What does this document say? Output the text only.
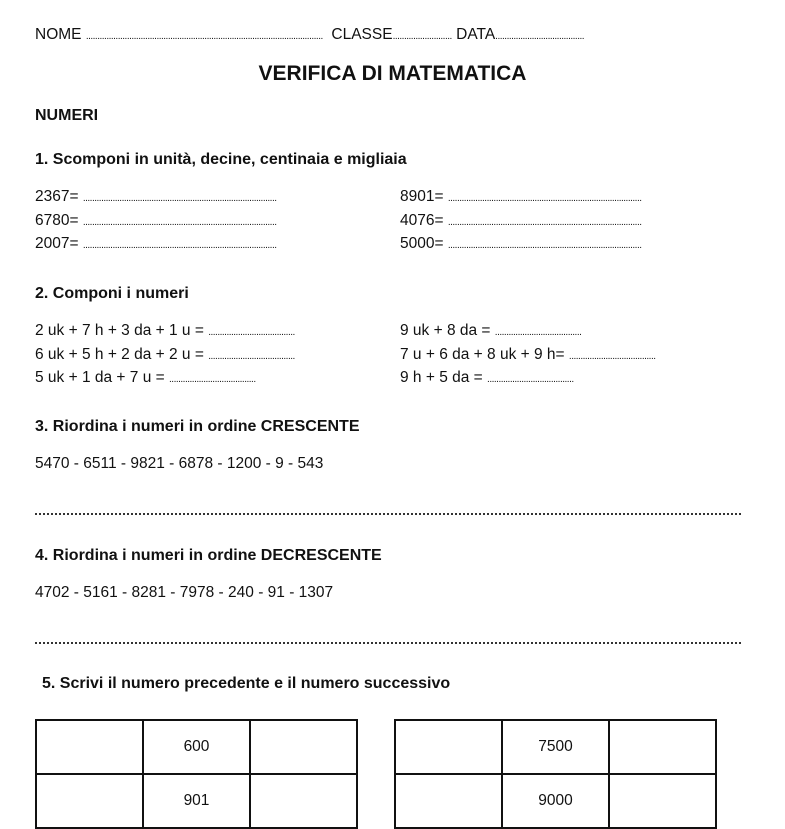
NOME ........................................................................................................ CLASSE.......................... DATA.......................................
VERIFICA DI MATEMATICA
NUMERI
1. Scomponi in unità, decine, centinaia e migliaia
2367= .....................................................................................
6780= .....................................................................................
2007= .....................................................................................
8901= .....................................................................................
4076= .....................................................................................
5000= .....................................................................................
2. Componi i numeri
2 uk + 7 h + 3 da + 1 u = ......................................
6 uk + 5 h + 2 da + 2 u = ......................................
5 uk + 1 da + 7 u = ......................................
9 uk + 8 da = ......................................
7 u + 6 da + 8 uk + 9 h= ......................................
9 h + 5 da = ......................................
3. Riordina i numeri in ordine CRESCENTE
5470 - 6511 - 9821 - 6878 - 1200 - 9 - 543
4. Riordina i numeri in ordine DECRESCENTE
4702 - 5161 - 8281 - 7978 - 240 - 91 - 1307
5. Scrivi il numero precedente e il numero successivo
	600	
	901	
	7500	
	9000	
